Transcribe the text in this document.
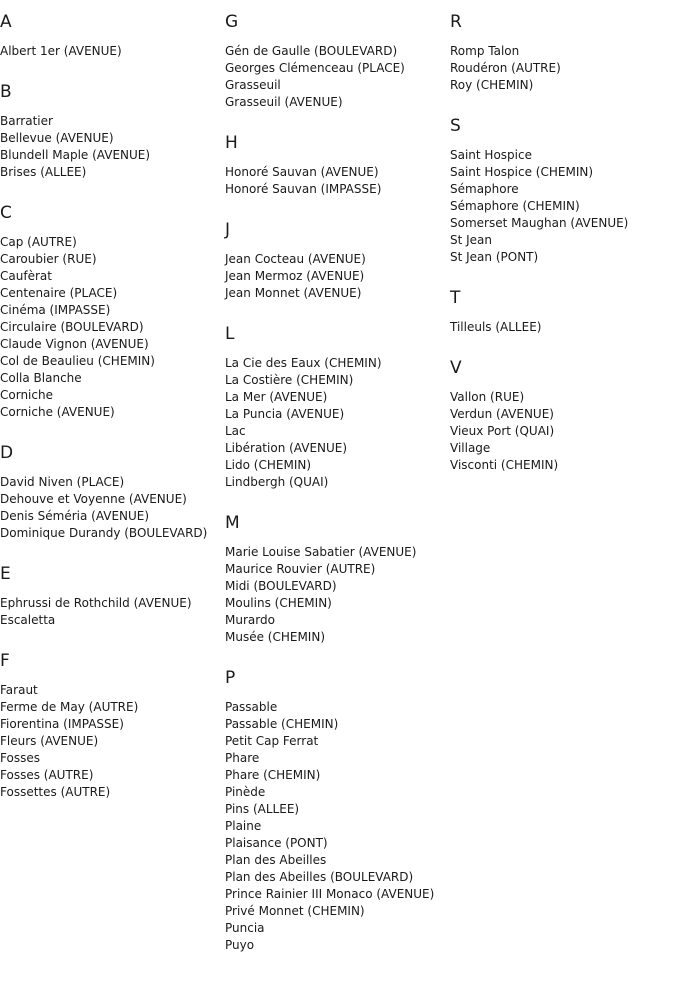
A
Albert 1er (AVENUE)
B
Barratier
Bellevue (AVENUE)
Blundell Maple (AVENUE)
Brises (ALLEE)
C
Cap (AUTRE)
Caroubier (RUE)
Caufèrat
Centenaire (PLACE)
Cinéma (IMPASSE)
Circulaire (BOULEVARD)
Claude Vignon (AVENUE)
Col de Beaulieu (CHEMIN)
Colla Blanche
Corniche
Corniche (AVENUE)
D
David Niven (PLACE)
Dehouve et Voyenne (AVENUE)
Denis Séméria (AVENUE)
Dominique Durandy (BOULEVARD)
E
Ephrussi de Rothchild (AVENUE)
Escaletta
F
Faraut
Ferme de May (AUTRE)
Fiorentina (IMPASSE)
Fleurs (AVENUE)
Fosses
Fosses (AUTRE)
Fossettes (AUTRE)
G
Gén de Gaulle (BOULEVARD)
Georges Clémenceau (PLACE)
Grasseuil
Grasseuil (AVENUE)
H
Honoré Sauvan (AVENUE)
Honoré Sauvan (IMPASSE)
J
Jean Cocteau (AVENUE)
Jean Mermoz (AVENUE)
Jean Monnet (AVENUE)
L
La Cie des Eaux (CHEMIN)
La Costière (CHEMIN)
La Mer (AVENUE)
La Puncia (AVENUE)
Lac
Libération (AVENUE)
Lido (CHEMIN)
Lindbergh (QUAI)
M
Marie Louise Sabatier (AVENUE)
Maurice Rouvier (AUTRE)
Midi (BOULEVARD)
Moulins (CHEMIN)
Murardo
Musée (CHEMIN)
P
Passable
Passable (CHEMIN)
Petit Cap Ferrat
Phare
Phare (CHEMIN)
Pinède
Pins (ALLEE)
Plaine
Plaisance (PONT)
Plan des Abeilles
Plan des Abeilles (BOULEVARD)
Prince Rainier III Monaco (AVENUE)
Privé Monnet (CHEMIN)
Puncia
Puyo
R
Romp Talon
Roudéron (AUTRE)
Roy (CHEMIN)
S
Saint Hospice
Saint Hospice (CHEMIN)
Sémaphore
Sémaphore (CHEMIN)
Somerset Maughan (AVENUE)
St Jean
St Jean (PONT)
T
Tilleuls (ALLEE)
V
Vallon (RUE)
Verdun (AVENUE)
Vieux Port (QUAI)
Village
Visconti (CHEMIN)
